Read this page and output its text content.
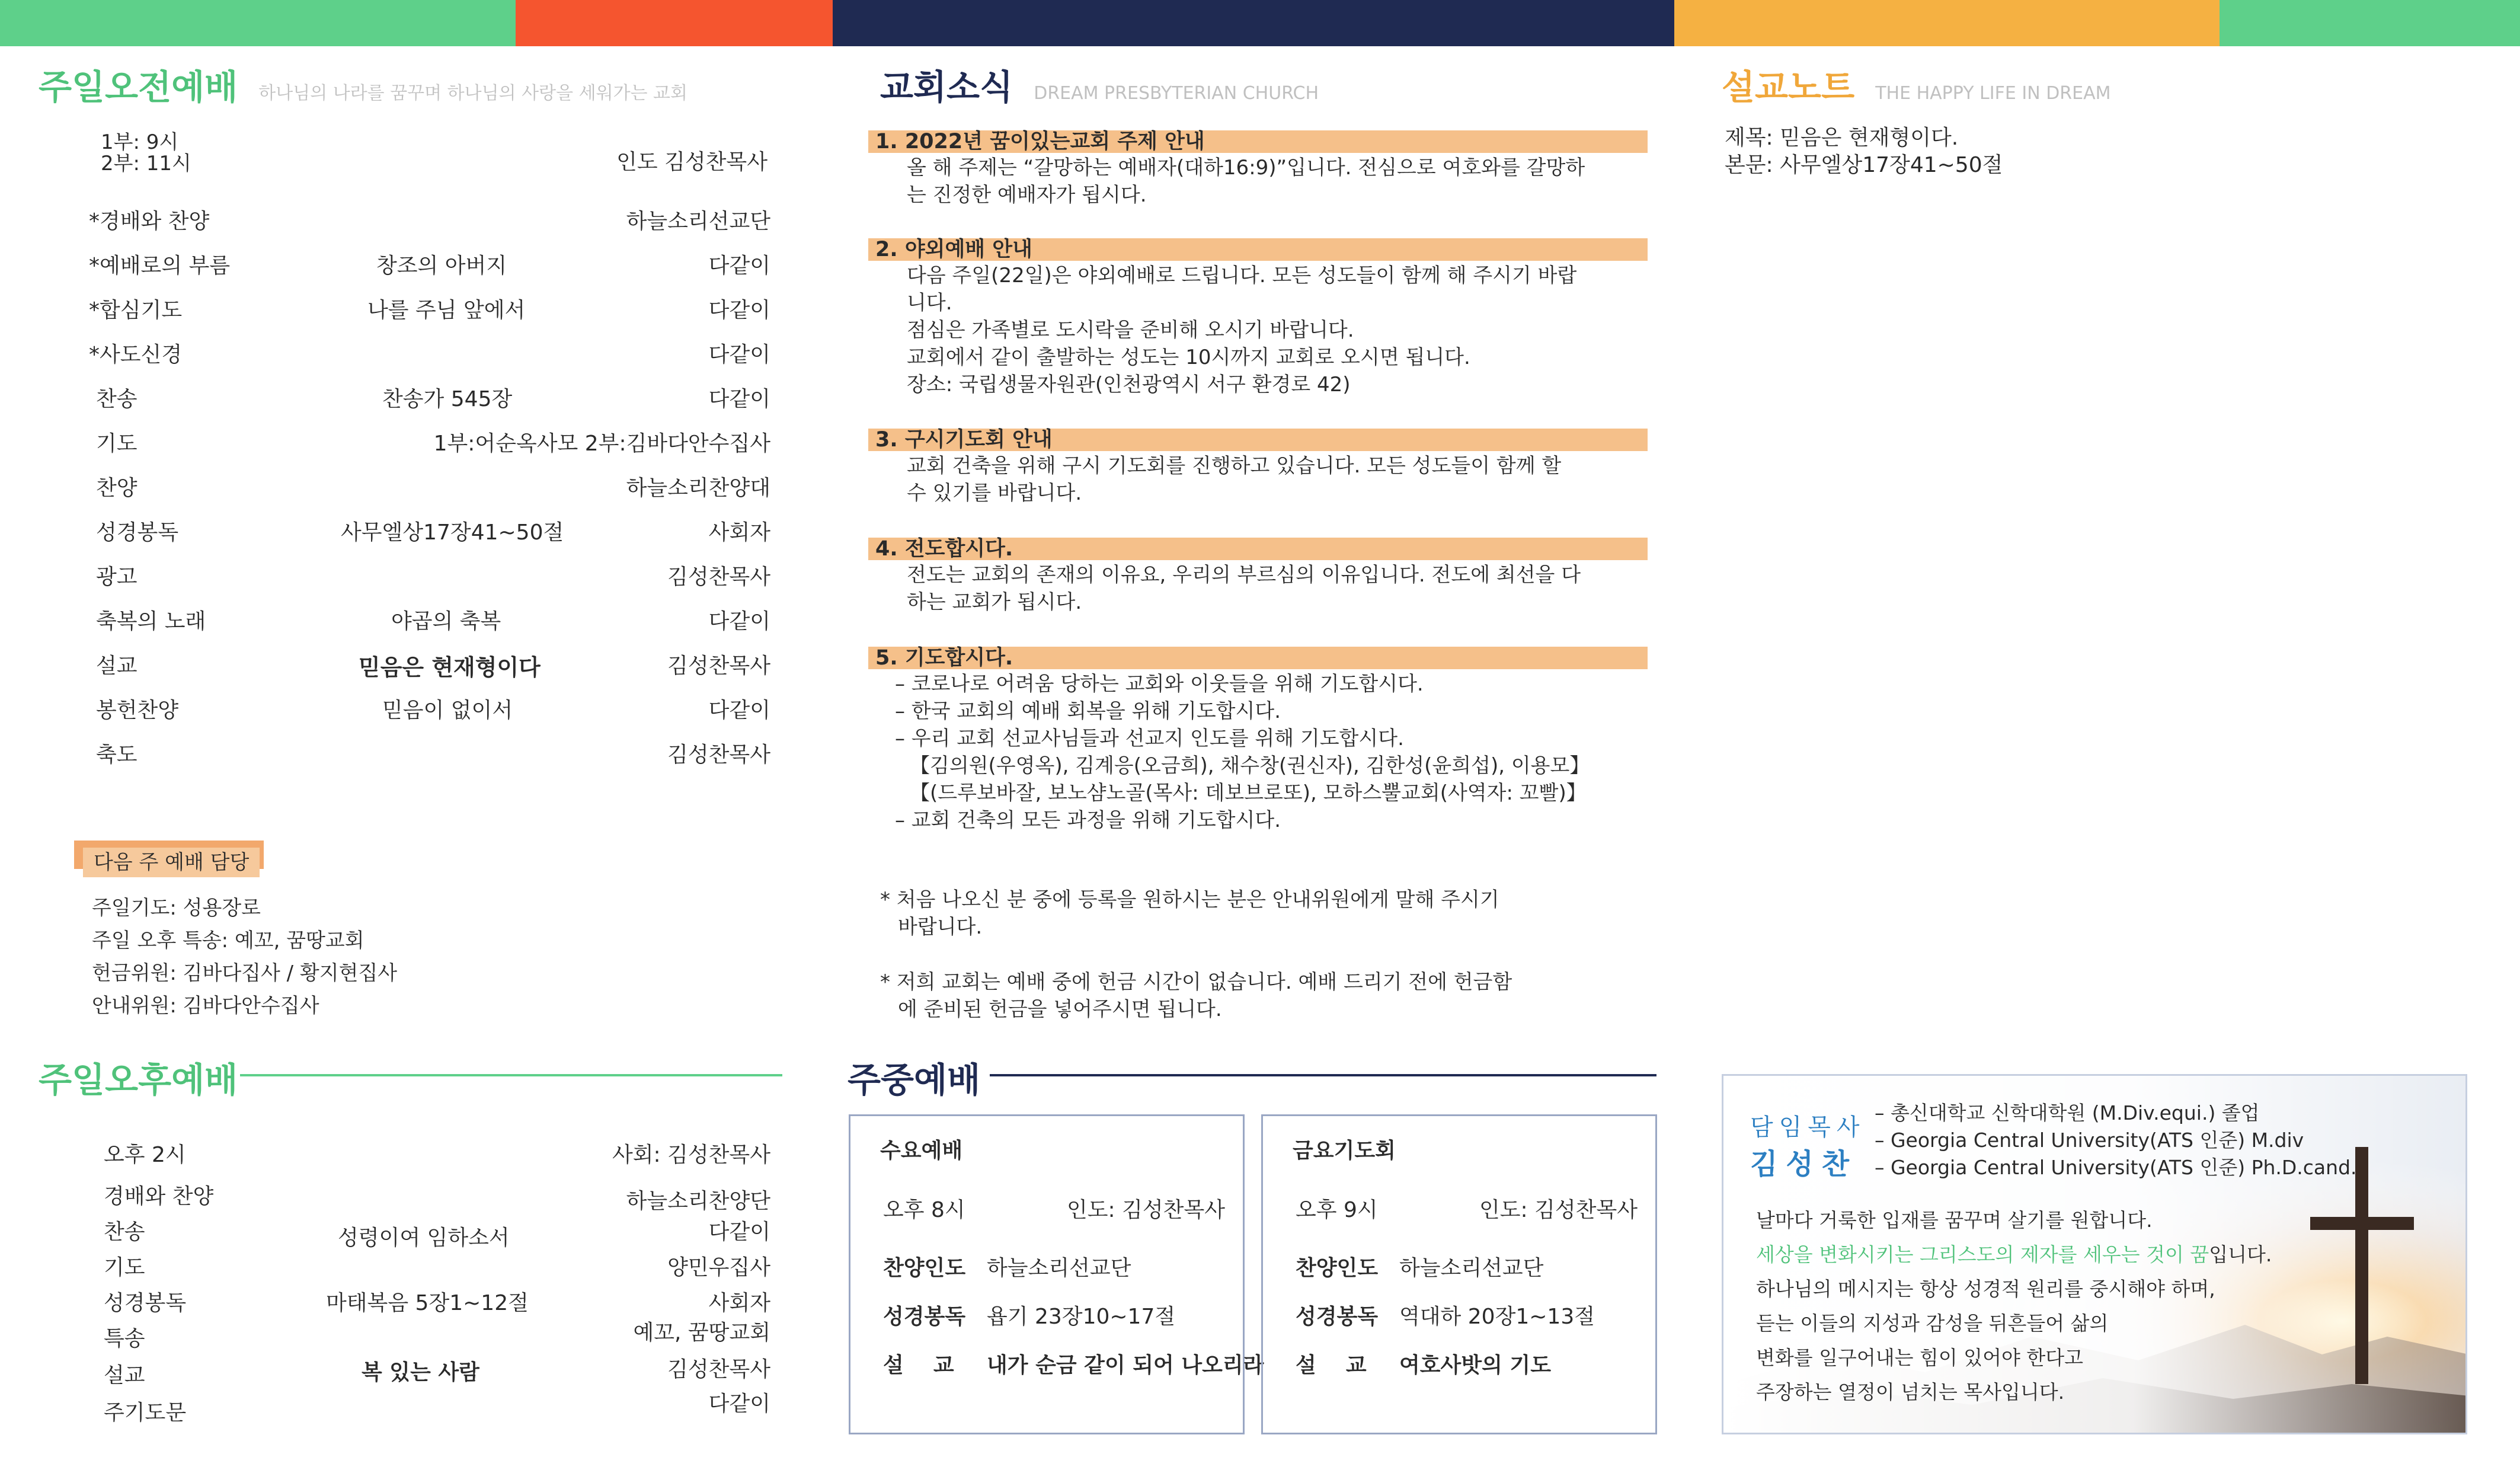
주일오전예배 하나님의 나라를 꿈꾸며 하나님의 사랑을 세워가는 교회
1부: 9시
2부: 11시	인도 김성찬목사
*경배와 찬양	하늘소리선교단
*예배로의 부름	창조의 아버지	다같이
*합심기도	나를 주님 앞에서	다같이
*사도신경	다같이
찬송	찬송가 545장	다같이
기도	1부:어순옥사모 2부:김바다안수집사
찬양	하늘소리찬양대
성경봉독	사무엘상17장41~50절	사회자
광고	김성찬목사
축복의 노래	야곱의 축복	다같이
설교	믿음은 현재형이다	김성찬목사
봉헌찬양	믿음이 없이서	다같이
축도	김성찬목사
다음 주 예배 담당
주일기도: 성용장로
주일 오후 특송: 예꼬, 꿈땅교회
헌금위원: 김바다집사 / 황지현집사
안내위원: 김바다안수집사
주일오후예배
오후 2시	사회: 김성찬목사
경배와 찬양	하늘소리찬양단
찬송	성령이여 임하소서	다같이
기도	양민우집사
성경봉독	마태복음 5장1~12절	사회자
특송	예꼬, 꿈땅교회
설교	복 있는 사람	김성찬목사
주기도문	다같이
교회소식 DREAM PRESBYTERIAN CHURCH
1. 2022년 꿈이있는교회 주제 안내
올 해 주제는 “갈망하는 예배자(대하16:9)”입니다. 전심으로 여호와를 갈망하
는 진정한 예배자가 됩시다.
2. 야외예배 안내
다음 주일(22일)은 야외예배로 드립니다. 모든 성도들이 함께 해 주시기 바랍
니다.
점심은 가족별로 도시락을 준비해 오시기 바랍니다.
교회에서 같이 출발하는 성도는 10시까지 교회로 오시면 됩니다.
장소: 국립생물자원관(인천광역시 서구 환경로 42)
3. 구시기도회 안내
교회 건축을 위해 구시 기도회를 진행하고 있습니다. 모든 성도들이 함께 할
수 있기를 바랍니다.
4. 전도합시다.
전도는 교회의 존재의 이유요, 우리의 부르심의 이유입니다. 전도에 최선을 다
하는 교회가 됩시다.
5. 기도합시다.
– 코로나로 어려움 당하는 교회와 이웃들을 위해 기도합시다.
– 한국 교회의 예배 회복을 위해 기도합시다.
– 우리 교회 선교사님들과 선교지 인도를 위해 기도합시다.
【김의원(우영옥), 김계응(오금희), 채수창(권신자), 김한성(윤희섭), 이용모】
【(드루보바잘, 보노샴노골(목사: 데보브로또), 모하스뿔교회(사역자: 꼬빨)】
– 교회 건축의 모든 과정을 위해 기도합시다.
* 처음 나오신 분 중에 등록을 원하시는 분은 안내위원에게 말해 주시기
바랍니다.
* 저희 교회는 예배 중에 헌금 시간이 없습니다. 예배 드리기 전에 헌금함
에 준비된 헌금을 넣어주시면 됩니다.
주중예배
수요예배
오후 8시	인도: 김성찬목사
찬양인도 하늘소리선교단
성경봉독 욥기 23장10~17절
설    교 내가 순금 같이 되어 나오리라
금요기도회
오후 9시	인도: 김성찬목사
찬양인도 하늘소리선교단
성경봉독 역대하 20장1~13절
설    교 여호사밧의 기도
설교노트 THE HAPPY LIFE IN DREAM
제목: 믿음은 현재형이다.
본문: 사무엘상17장41~50절
담임목사
김성찬
– 총신대학교 신학대학원 (M.Div.equi.) 졸업
– Georgia Central University(ATS 인준) M.div
– Georgia Central University(ATS 인준) Ph.D.cand.
날마다 거룩한 입재를 꿈꾸며 살기를 원합니다.
세상을 변화시키는 그리스도의 제자를 세우는 것이 꿈입니다.
하나님의 메시지는 항상 성경적 원리를 중시해야 하며,
듣는 이들의 지성과 감성을 뒤흔들어 삶의
변화를 일구어내는 힘이 있어야 한다고
주장하는 열정이 넘치는 목사입니다.
